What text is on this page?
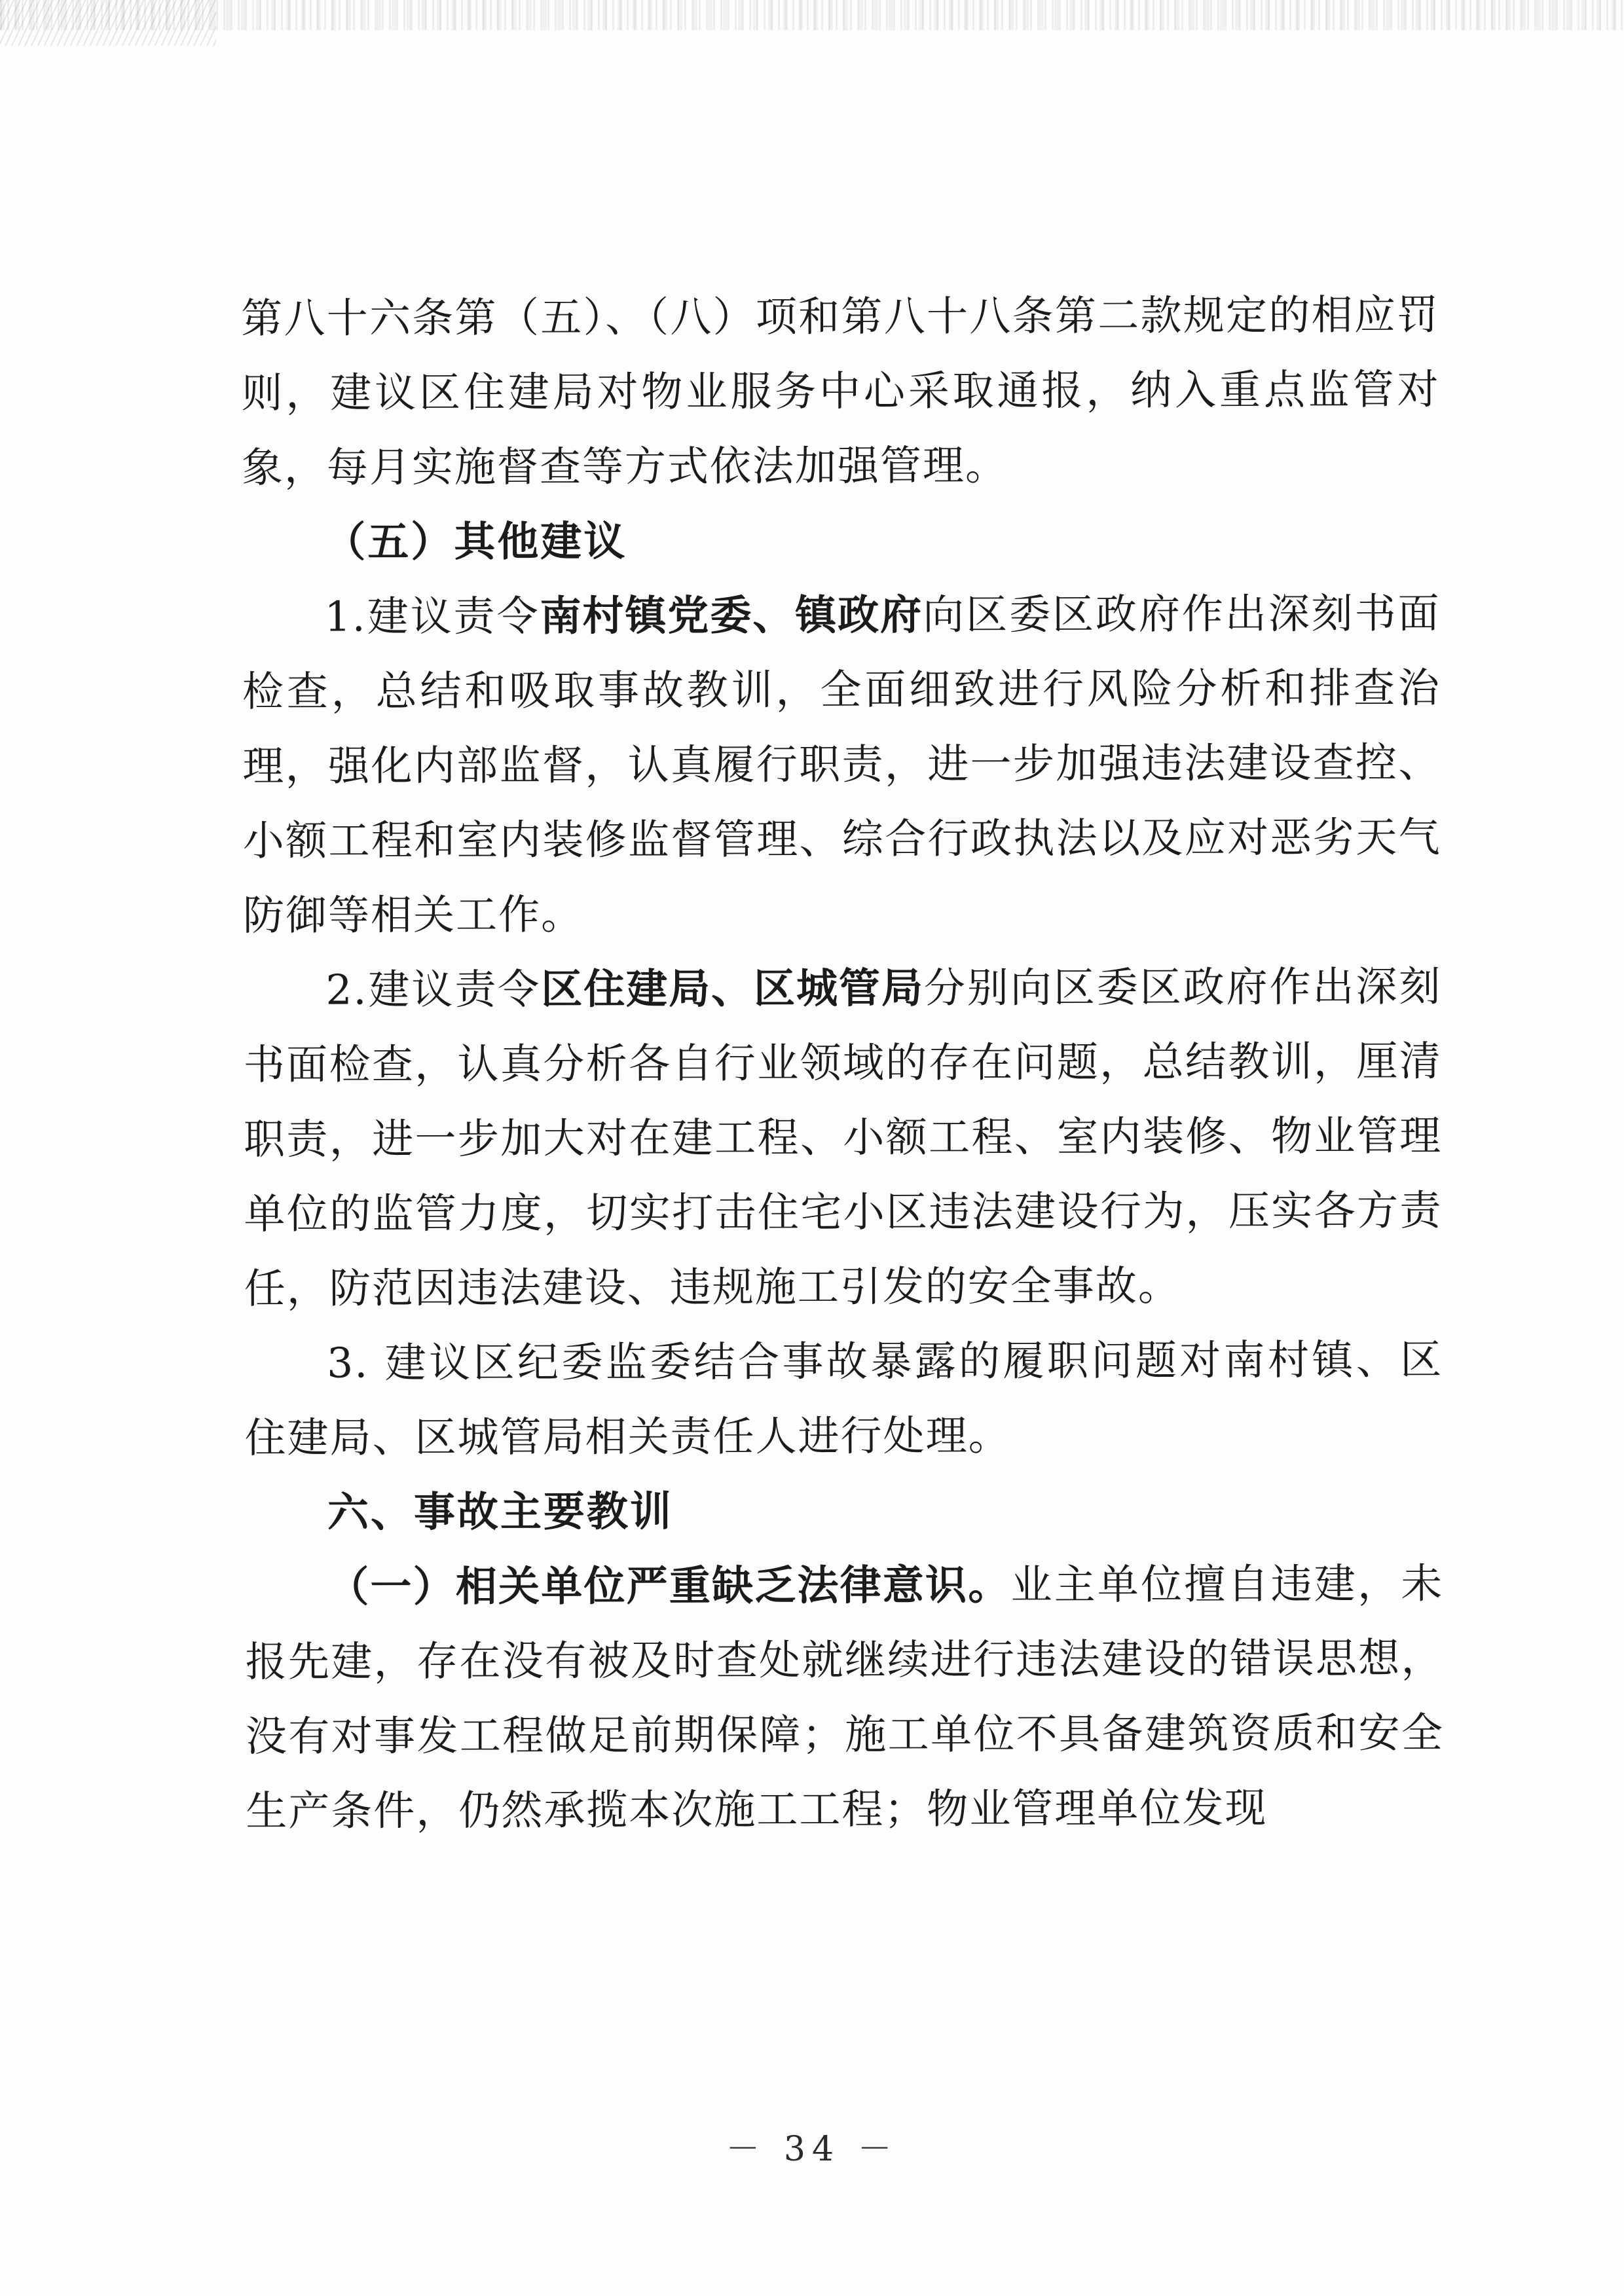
第八十六条第（五）、（八）项和第八十八条第二款规定的相应罚则，建议区住建局对物业服务中心采取通报，纳入重点监管对象，每月实施督查等方式依法加强管理。

（五）其他建议

1.建议责令南村镇党委、镇政府向区委区政府作出深刻书面检查，总结和吸取事故教训，全面细致进行风险分析和排查治理，强化内部监督，认真履行职责，进一步加强违法建设查控、小额工程和室内装修监督管理、综合行政执法以及应对恶劣天气防御等相关工作。

2.建议责令区住建局、区城管局分别向区委区政府作出深刻书面检查，认真分析各自行业领域的存在问题，总结教训，厘清职责，进一步加大对在建工程、小额工程、室内装修、物业管理单位的监管力度，切实打击住宅小区违法建设行为，压实各方责任，防范因违法建设、违规施工引发的安全事故。

3. 建议区纪委监委结合事故暴露的履职问题对南村镇、区住建局、区城管局相关责任人进行处理。

六、事故主要教训

（一）相关单位严重缺乏法律意识。业主单位擅自违建，未报先建，存在没有被及时查处就继续进行违法建设的错误思想，没有对事发工程做足前期保障；施工单位不具备建筑资质和安全生产条件，仍然承揽本次施工工程；物业管理单位发现

－ 34 －
